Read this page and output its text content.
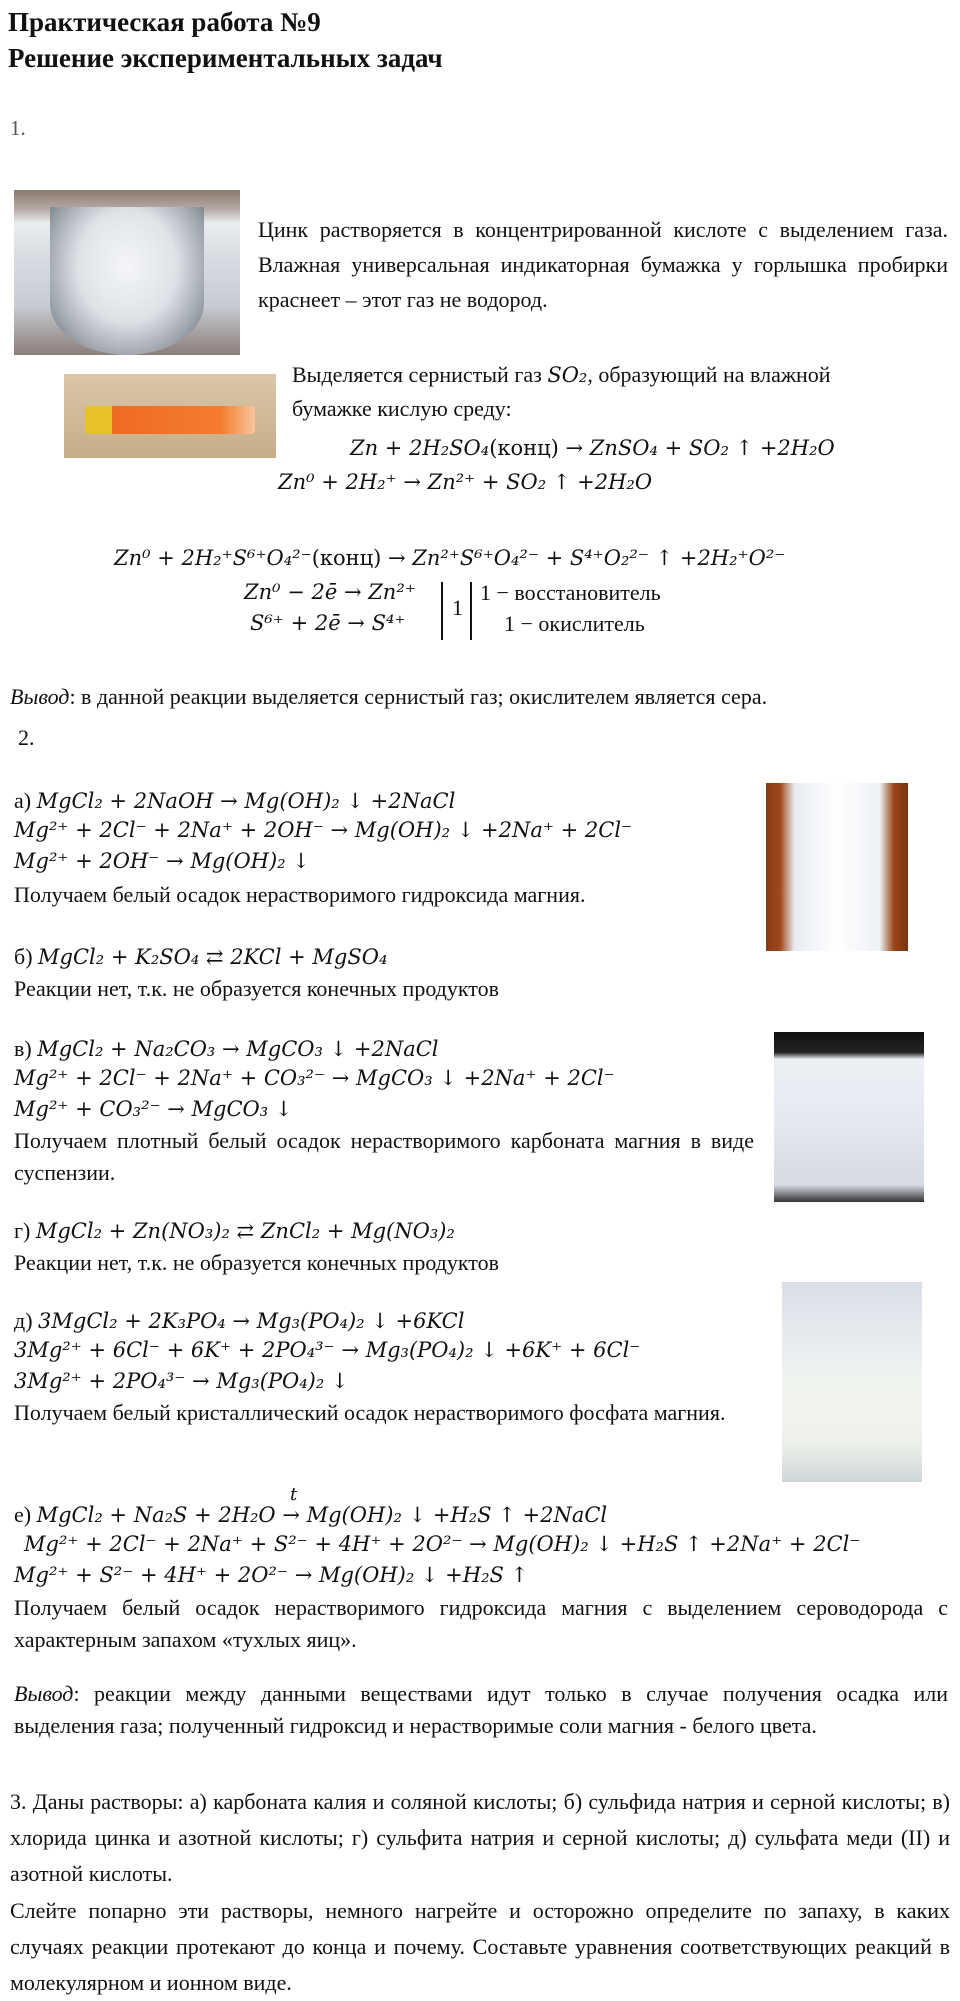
Практическая работа №9
Решение экспериментальных задач
1.
Цинк растворяется в концентрированной кислоте с выделением газа. Влажная универсальная индикаторная бумажка у горлышка пробирки краснеет – этот газ не водород.
Выделяется сернистый газ SO₂, образующий на влажной
бумажке кислую среду:
Zn + 2H₂SO₄(конц) → ZnSO₄ + SO₂ ↑ +2H₂O
Zn⁰ + 2H₂⁺ → Zn²⁺ + SO₂ ↑ +2H₂O
Zn⁰ + 2H₂⁺S⁶⁺O₄²⁻(конц) → Zn²⁺S⁶⁺O₄²⁻ + S⁴⁺O₂²⁻ ↑ +2H₂⁺O²⁻
Zn⁰ − 2ē → Zn²⁺
S⁶⁺ + 2ē → S⁴⁺
1
1 − восстановитель
1 − окислитель
Вывод: в данной реакции выделяется сернистый газ; окислителем является сера.
2.
а) MgCl₂ + 2NaOH → Mg(OH)₂ ↓ +2NaCl
Mg²⁺ + 2Cl⁻ + 2Na⁺ + 2OH⁻ → Mg(OH)₂ ↓ +2Na⁺ + 2Cl⁻
Mg²⁺ + 2OH⁻ → Mg(OH)₂ ↓
Получаем белый осадок нерастворимого гидроксида магния.
б) MgCl₂ + K₂SO₄ ⇄ 2KCl + MgSO₄
Реакции нет, т.к. не образуется конечных продуктов
в) MgCl₂ + Na₂CO₃ → MgCO₃ ↓ +2NaCl
Mg²⁺ + 2Cl⁻ + 2Na⁺ + CO₃²⁻ → MgCO₃ ↓ +2Na⁺ + 2Cl⁻
Mg²⁺ + CO₃²⁻ → MgCO₃ ↓
Получаем плотный белый осадок нерастворимого карбоната магния в виде суспензии.
г) MgCl₂ + Zn(NO₃)₂ ⇄ ZnCl₂ + Mg(NO₃)₂
Реакции нет, т.к. не образуется конечных продуктов
д) 3MgCl₂ + 2K₃PO₄ → Mg₃(PO₄)₂ ↓ +6KCl
3Mg²⁺ + 6Cl⁻ + 6K⁺ + 2PO₄³⁻ → Mg₃(PO₄)₂ ↓ +6K⁺ + 6Cl⁻
3Mg²⁺ + 2PO₄³⁻ → Mg₃(PO₄)₂ ↓
Получаем белый кристаллический осадок нерастворимого фосфата магния.
t
е) MgCl₂ + Na₂S + 2H₂O → Mg(OH)₂ ↓ +H₂S ↑ +2NaCl
Mg²⁺ + 2Cl⁻ + 2Na⁺ + S²⁻ + 4H⁺ + 2O²⁻ → Mg(OH)₂ ↓ +H₂S ↑ +2Na⁺ + 2Cl⁻
Mg²⁺ + S²⁻ + 4H⁺ + 2O²⁻ → Mg(OH)₂ ↓ +H₂S ↑
Получаем белый осадок нерастворимого гидроксида магния с выделением сероводорода с характерным запахом «тухлых яиц».
Вывод: реакции между данными веществами идут только в случае получения осадка или выделения газа; полученный гидроксид и нерастворимые соли магния - белого цвета.
3. Даны растворы: а) карбоната калия и соляной кислоты; б) сульфида натрия и серной кислоты; в) хлорида цинка и азотной кислоты; г) сульфита натрия и серной кислоты; д) сульфата меди (II) и азотной кислоты.
Слейте попарно эти растворы, немного нагрейте и осторожно определите по запаху, в каких случаях реакции протекают до конца и почему. Составьте уравнения соответствующих реакций в молекулярном и ионном виде.
